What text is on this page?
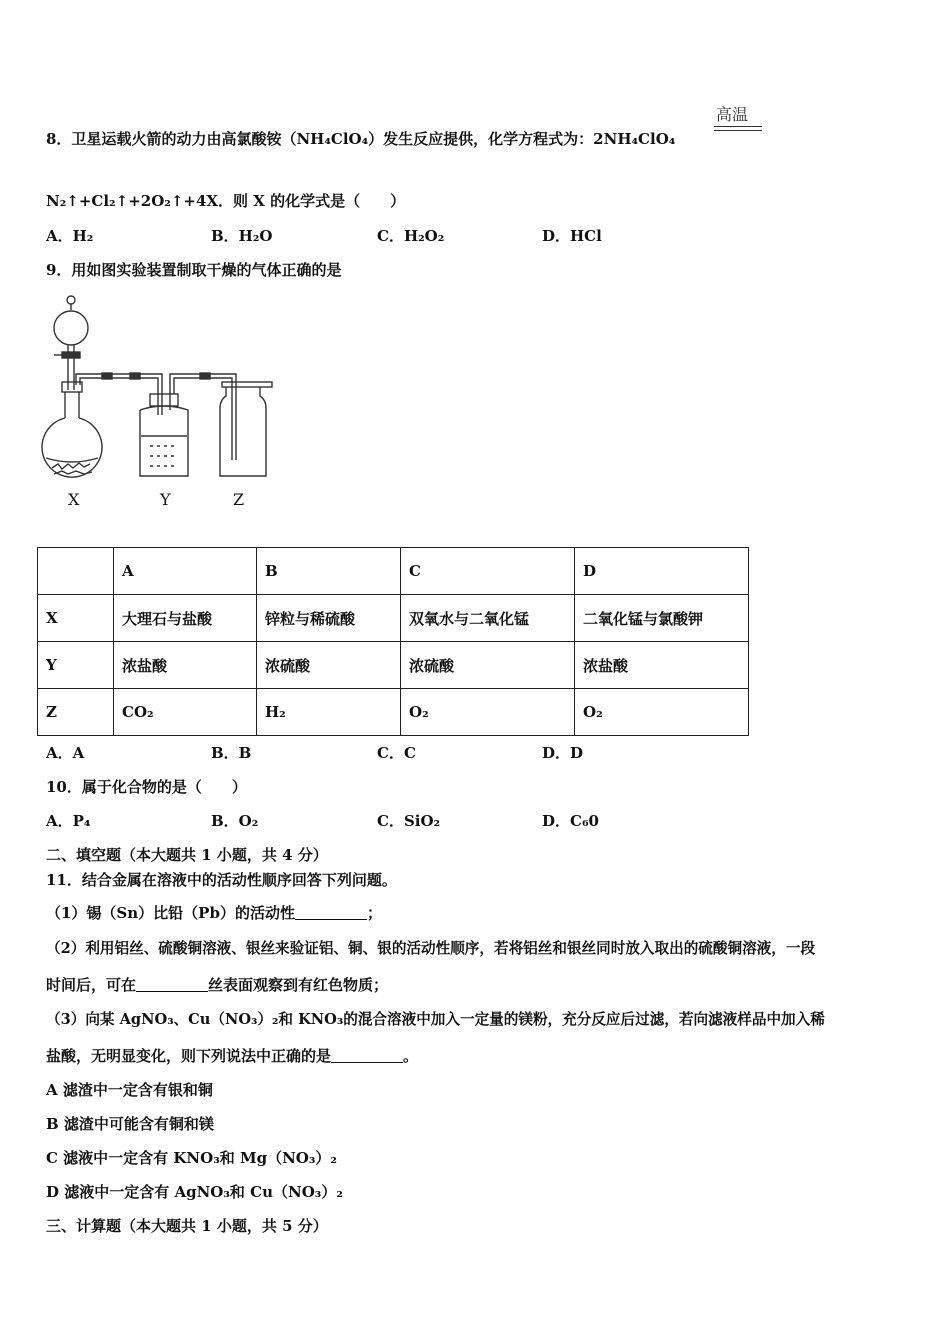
8．卫星运载火箭的动力由高氯酸铵（NH₄ClO₄）发生反应提供，化学方程式为：2NH₄ClO₄
高温
N₂↑+Cl₂↑+2O₂↑+4X．则 X 的化学式是（　　）
A．H₂	B．H₂O	C．H₂O₂	D．HCl
9．用如图实验装置制取干燥的气体正确的是
X	Y	Z
	A	B	C	D
X	大理石与盐酸	锌粒与稀硫酸	双氧水与二氧化锰	二氧化锰与氯酸钾
Y	浓盐酸	浓硫酸	浓硫酸	浓盐酸
Z	CO₂	H₂	O₂	O₂
A．A	B．B	C．C	D．D
10．属于化合物的是（　　）
A．P₄	B．O₂	C．SiO₂	D．C₆0
二、填空题（本大题共 1 小题，共 4 分）
11．结合金属在溶液中的活动性顺序回答下列问题。
（1）锡（Sn）比铅（Pb）的活动性	；
（2）利用铝丝、硫酸铜溶液、银丝来验证铝、铜、银的活动性顺序，若将铝丝和银丝同时放入取出的硫酸铜溶液，一段
时间后，可在	丝表面观察到有红色物质；
（3）向某 AgNO₃、Cu（NO₃）₂和 KNO₃的混合溶液中加入一定量的镁粉，充分反应后过滤，若向滤液样品中加入稀
盐酸，无明显变化，则下列说法中正确的是	。
A 滤渣中一定含有银和铜
B 滤渣中可能含有铜和镁
C 滤液中一定含有 KNO₃和 Mg（NO₃）₂
D 滤液中一定含有 AgNO₃和 Cu（NO₃）₂
三、计算题（本大题共 1 小题，共 5 分）
